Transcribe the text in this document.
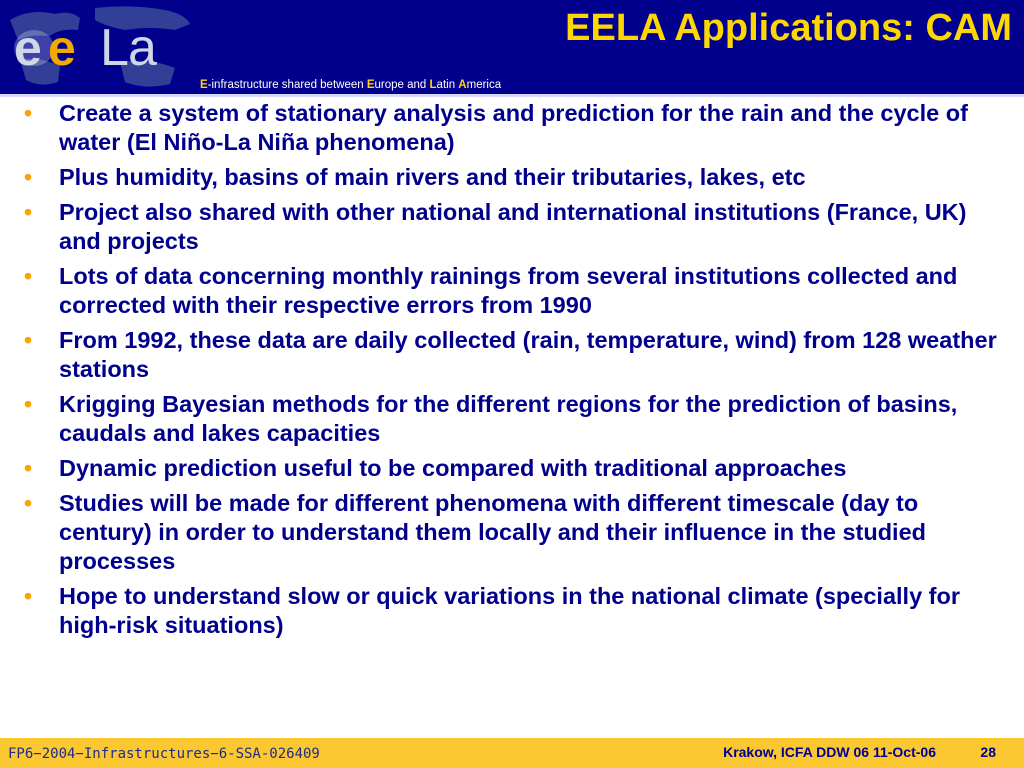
e e L a	EELA Applications: CAM
E-infrastructure shared between Europe and Latin America
• Create a system of stationary analysis and prediction for the rain and the cycle of water (El Niño-La Niña phenomena)
• Plus humidity, basins of main rivers and their tributaries, lakes, etc
• Project also shared with other national and international institutions (France, UK) and projects
• Lots of data concerning monthly rainings from several institutions collected and corrected with their respective errors from 1990
• From 1992, these data are daily collected (rain, temperature, wind) from 128 weather stations
• Krigging Bayesian methods for the different regions for the prediction of basins, caudals and lakes capacities
• Dynamic prediction useful to be compared with traditional approaches
• Studies will be made for different phenomena with different timescale (day to century) in order to understand them locally and their influence in the studied processes
• Hope to understand slow or quick variations in the national climate (specially for high-risk situations)
FP6−2004−Infrastructures−6-SSA-026409	Krakow, ICFA DDW 06 11-Oct-06	28
